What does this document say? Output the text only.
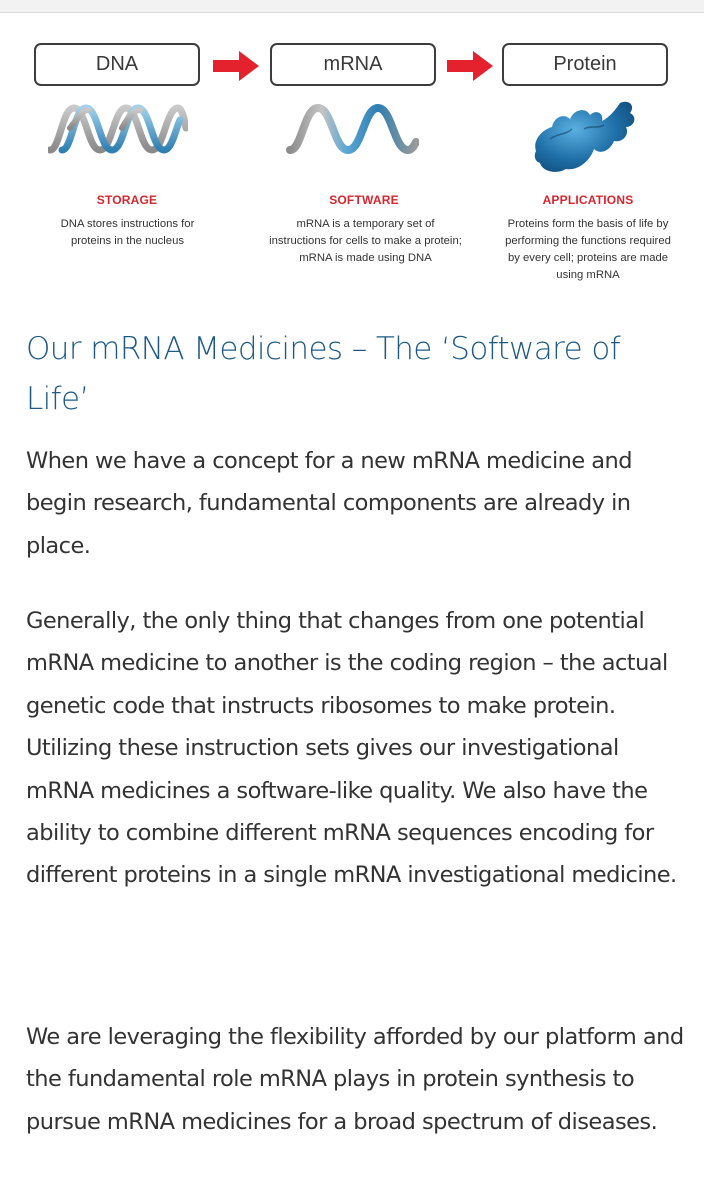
DNA	mRNA	Protein
STORAGE	SOFTWARE	APPLICATIONS
DNA stores instructions for proteins in the nucleus
mRNA is a temporary set of instructions for cells to make a protein; mRNA is made using DNA
Proteins form the basis of life by performing the functions required by every cell; proteins are made using mRNA
Our mRNA Medicines – The ‘Software of Life’

When we have a concept for a new mRNA medicine and begin research, fundamental components are already in place.

Generally, the only thing that changes from one potential mRNA medicine to another is the coding region – the actual genetic code that instructs ribosomes to make protein. Utilizing these instruction sets gives our investigational mRNA medicines a software-like quality. We also have the ability to combine different mRNA sequences encoding for different proteins in a single mRNA investigational medicine.

We are leveraging the flexibility afforded by our platform and the fundamental role mRNA plays in protein synthesis to pursue mRNA medicines for a broad spectrum of diseases.
